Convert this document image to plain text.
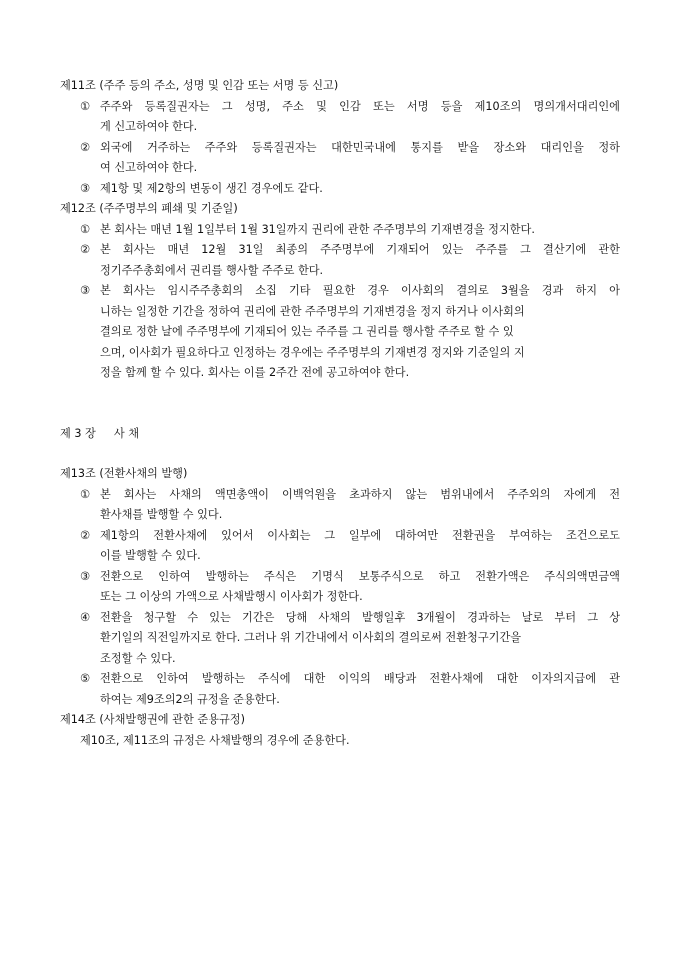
제11조 (주주 등의 주소, 성명 및 인감 또는 서명 등 신고)
① 주주와 등록질권자는 그 성명, 주소 및 인감 또는 서명 등을 제10조의 명의개서대리인에
게 신고하여야 한다.
② 외국에 거주하는 주주와 등록질권자는 대한민국내에 통지를 받을 장소와 대리인을 정하
여 신고하여야 한다.
③ 제1항 및 제2항의 변동이 생긴 경우에도 같다.
제12조 (주주명부의 폐쇄 및 기준일)
① 본 회사는 매년 1월 1일부터 1월 31일까지 권리에 관한 주주명부의 기재변경을 정지한다.
② 본 회사는 매년 12월 31일 최종의 주주명부에 기재되어 있는 주주를 그 결산기에 관한
정기주주총회에서 권리를 행사할 주주로 한다.
③ 본 회사는 임시주주총회의 소집 기타 필요한 경우 이사회의 결의로 3월을 경과 하지 아
니하는 일정한 기간을 정하여 권리에 관한 주주명부의 기재변경을 정지 하거나 이사회의
결의로 정한 날에 주주명부에 기재되어 있는 주주를 그 권리를 행사할 주주로 할 수 있
으며, 이사회가 필요하다고 인정하는 경우에는 주주명부의 기재변경 정지와 기준일의 지
정을 함께 할 수 있다. 회사는 이를 2주간 전에 공고하여야 한다.
제 3 장 사 채
제13조 (전환사채의 발행)
① 본 회사는 사채의 액면총액이 이백억원을 초과하지 않는 범위내에서 주주외의 자에게 전
환사채를 발행할 수 있다.
② 제1항의 전환사채에 있어서 이사회는 그 일부에 대하여만 전환권을 부여하는 조건으로도
이를 발행할 수 있다.
③ 전환으로 인하여 발행하는 주식은 기명식 보통주식으로 하고 전환가액은 주식의액면금액
또는 그 이상의 가액으로 사채발행시 이사회가 정한다.
④ 전환을 청구할 수 있는 기간은 당해 사채의 발행일후 3개월이 경과하는 날로 부터 그 상
환기일의 직전일까지로 한다. 그러나 위 기간내에서 이사회의 결의로써 전환청구기간을
조정할 수 있다.
⑤ 전환으로 인하여 발행하는 주식에 대한 이익의 배당과 전환사채에 대한 이자의지급에 관
하여는 제9조의2의 규정을 준용한다.
제14조 (사채발행권에 관한 준용규정)
제10조, 제11조의 규정은 사채발행의 경우에 준용한다.
